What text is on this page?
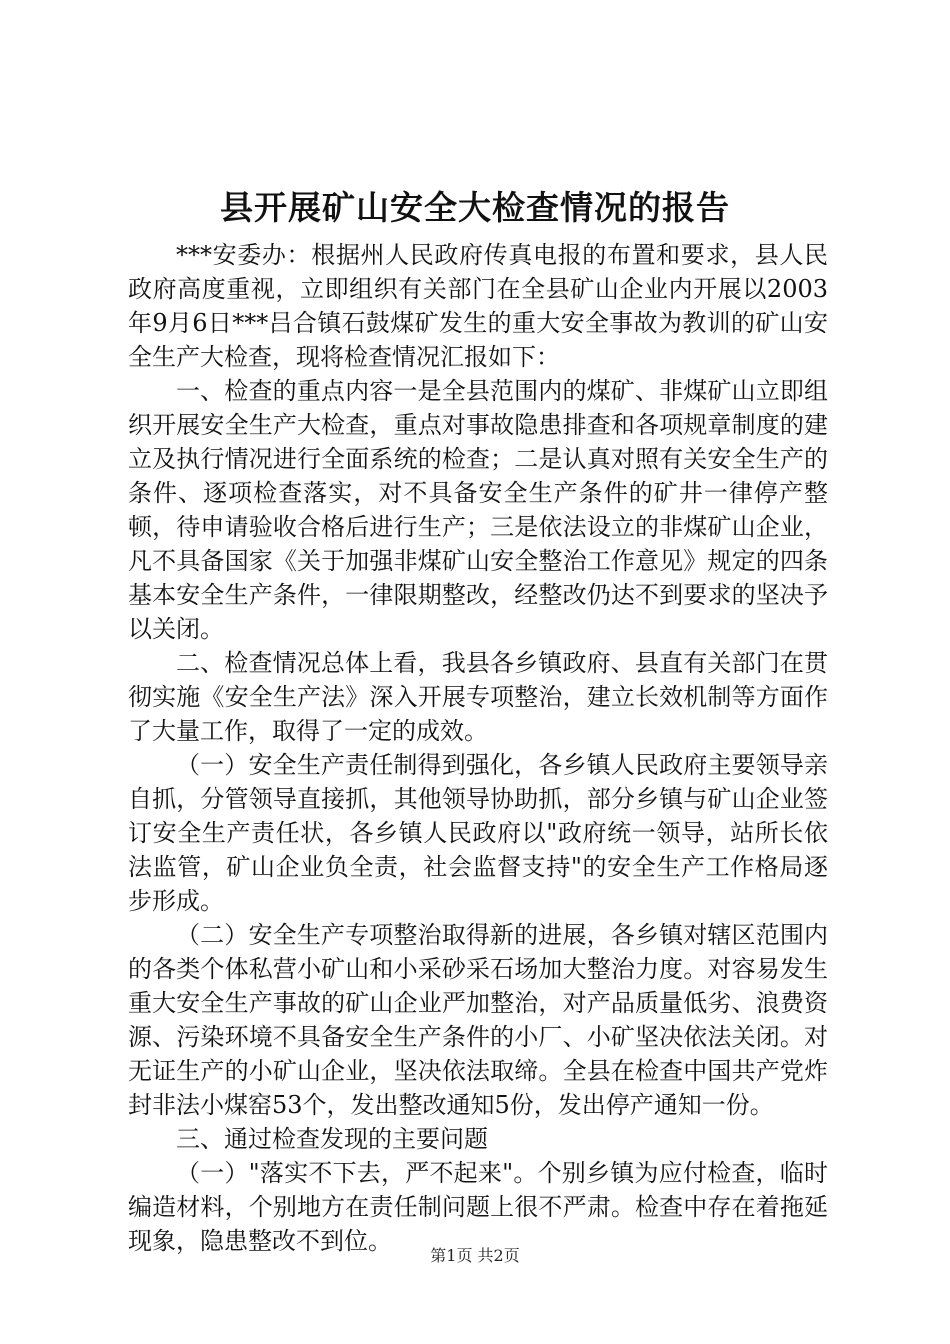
县开展矿山安全大检查情况的报告

***安委办：根据州人民政府传真电报的布置和要求，县人民政府高度重视，立即组织有关部门在全县矿山企业内开展以2003年9月6日***吕合镇石鼓煤矿发生的重大安全事故为教训的矿山安全生产大检查，现将检查情况汇报如下：

一、检查的重点内容一是全县范围内的煤矿、非煤矿山立即组织开展安全生产大检查，重点对事故隐患排查和各项规章制度的建立及执行情况进行全面系统的检查；二是认真对照有关安全生产的条件、逐项检查落实，对不具备安全生产条件的矿井一律停产整顿，待申请验收合格后进行生产；三是依法设立的非煤矿山企业，凡不具备国家《关于加强非煤矿山安全整治工作意见》规定的四条基本安全生产条件，一律限期整改，经整改仍达不到要求的坚决予以关闭。

二、检查情况总体上看，我县各乡镇政府、县直有关部门在贯彻实施《安全生产法》深入开展专项整治，建立长效机制等方面作了大量工作，取得了一定的成效。

（一）安全生产责任制得到强化，各乡镇人民政府主要领导亲自抓，分管领导直接抓，其他领导协助抓，部分乡镇与矿山企业签订安全生产责任状，各乡镇人民政府以"政府统一领导，站所长依法监管，矿山企业负全责，社会监督支持"的安全生产工作格局逐步形成。

（二）安全生产专项整治取得新的进展，各乡镇对辖区范围内的各类个体私营小矿山和小采砂采石场加大整治力度。对容易发生重大安全生产事故的矿山企业严加整治，对产品质量低劣、浪费资源、污染环境不具备安全生产条件的小厂、小矿坚决依法关闭。对无证生产的小矿山企业，坚决依法取缔。全县在检查中国共产党炸封非法小煤窑53个，发出整改通知5份，发出停产通知一份。

三、通过检查发现的主要问题

（一）"落实不下去，严不起来"。个别乡镇为应付检查，临时编造材料，个别地方在责任制问题上很不严肃。检查中存在着拖延现象，隐患整改不到位。

第1页 共2页
